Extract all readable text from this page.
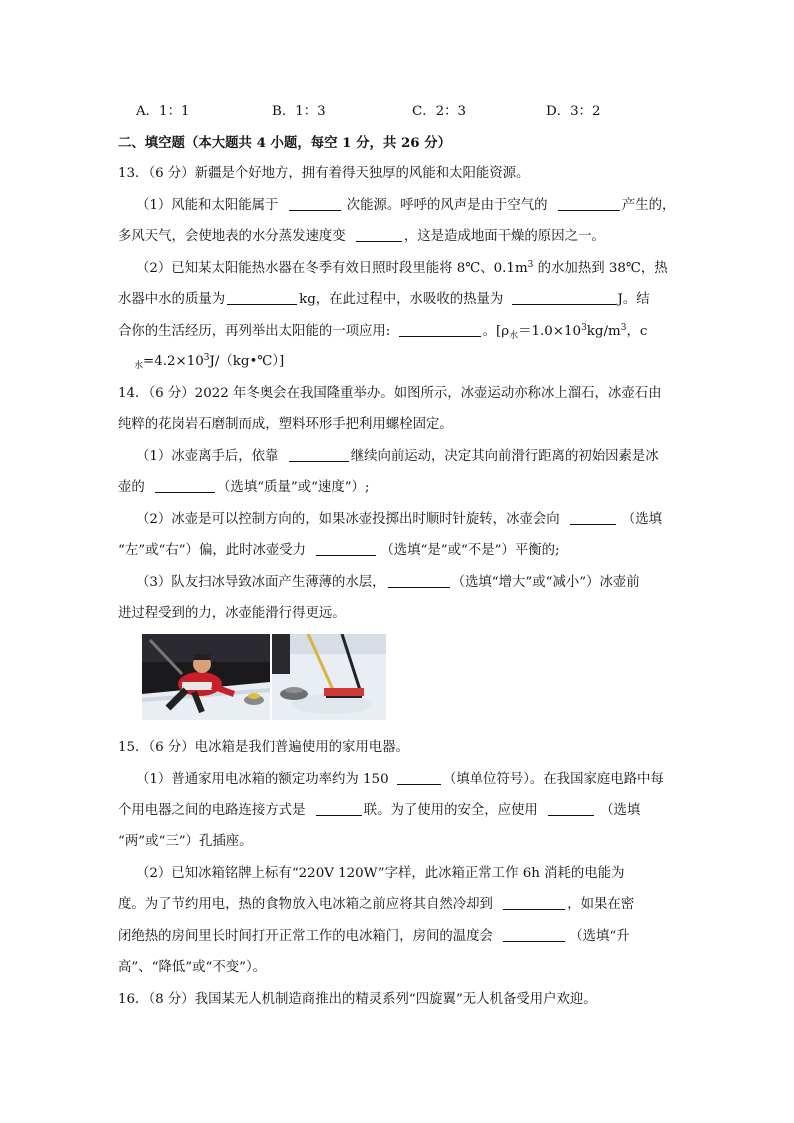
A．1：1	B．1：3	C．2：3	D．3：2
二、填空题（本大题共 4 小题，每空 1 分，共 26 分）
13．（6 分）新疆是个好地方，拥有着得天独厚的风能和太阳能资源。
（1）风能和太阳能属于	次能源。呼呼的风声是由于空气的	产生的，
多风天气，会使地表的水分蒸发速度变	，这是造成地面干燥的原因之一。
（2）已知某太阳能热水器在冬季有效日照时段里能将 8℃、$0.1m^3$ 的水加热到 38℃，热
水器中水的质量为	kg，在此过程中，水吸收的热量为	J。结
合你的生活经历，再列举出太阳能的一项应用:	。[$\rho_水=1.0\times 10^3kg/m^3$，c
$_水=4.2\times 10^3J/(kg•℃)$]
14．（6 分）2022 年冬奥会在我国隆重举办。如图所示，冰壶运动亦称冰上溜石，冰壶石由
纯粹的花岗岩石磨制而成，塑料环形手把利用螺栓固定。
（1）冰壶离手后，依靠	继续向前运动，决定其向前滑行距离的初始因素是冰
壶的	（选填“质量”或“速度”）;
（2）冰壶是可以控制方向的，如果冰壶投掷出时顺时针旋转，冰壶会向	（选填
“左”或“右”）偏，此时冰壶受力	（选填“是”或“不是”）平衡的;
（3）队友扫冰导致冰面产生薄薄的水层，	（选填“增大”或“减小”）冰壶前
进过程受到的力，冰壶能滑行得更远。
15．（6 分）电冰箱是我们普遍使用的家用电器。
（1）普通家用电冰箱的额定功率约为 150	（填单位符号）。在我国家庭电路中每
个用电器之间的电路连接方式是	联。为了使用的安全，应使用	（选填
“两”或“三”）孔插座。
（2）已知冰箱铭牌上标有“220V 120W”字样，此冰箱正常工作 6h 消耗的电能为
度。为了节约用电，热的食物放入电冰箱之前应将其自然冷却到	，如果在密
闭绝热的房间里长时间打开正常工作的电冰箱门，房间的温度会	（选填“升
高”、“降低”或“不变”）。
16．（8 分）我国某无人机制造商推出的精灵系列“四旋翼”无人机备受用户欢迎。
